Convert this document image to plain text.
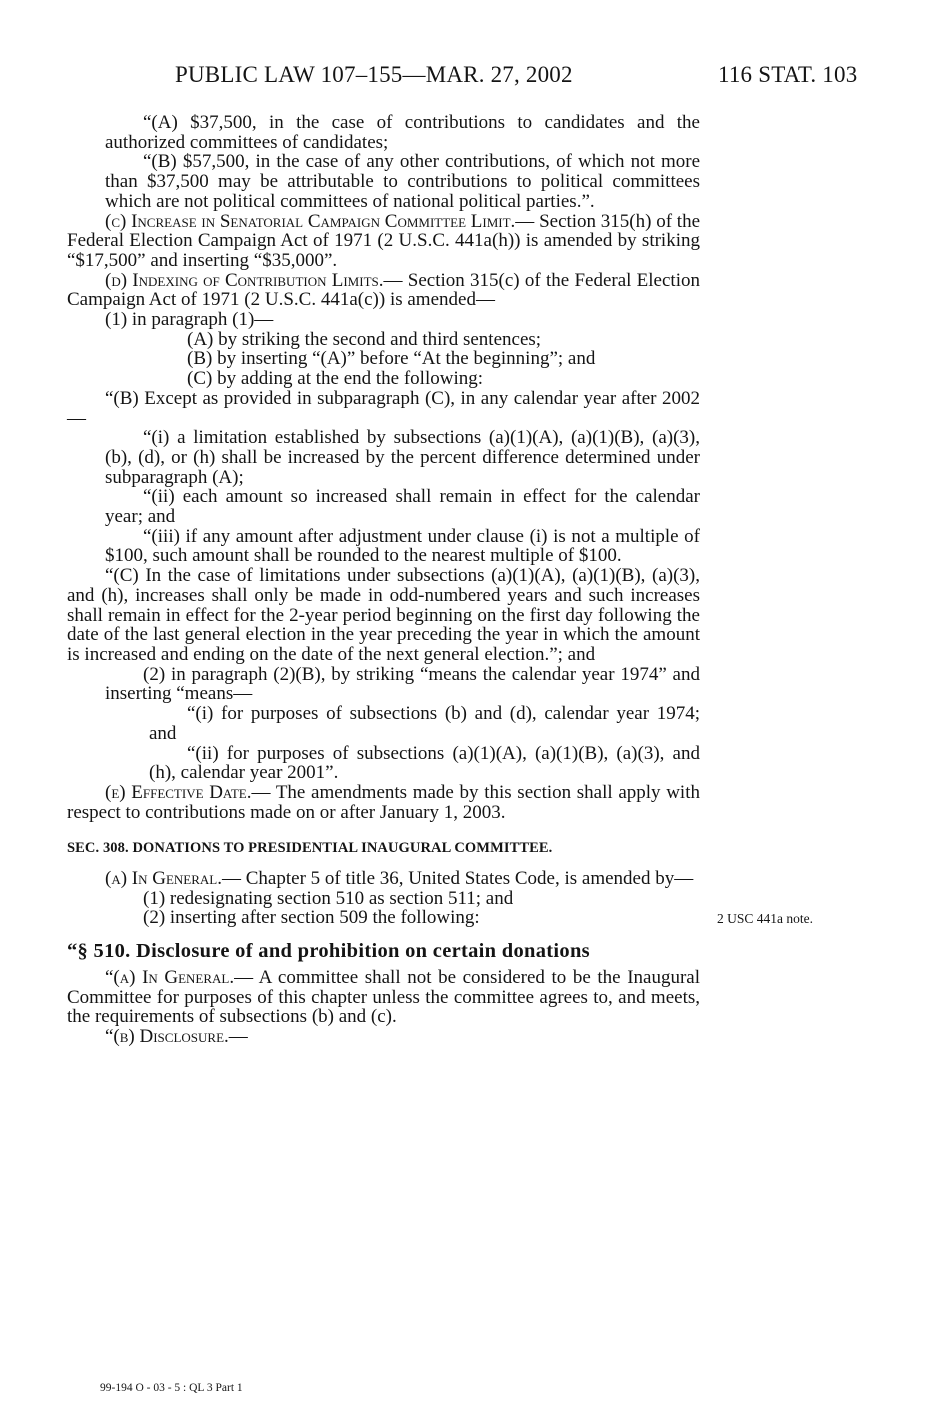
PUBLIC LAW 107–155—MAR. 27, 2002	116 STAT. 103

“(A) $37,500, in the case of contributions to candidates and the authorized committees of candidates;

“(B) $57,500, in the case of any other contributions, of which not more than $37,500 may be attributable to contributions to political committees which are not political committees of national political parties.”.

(c) Increase in Senatorial Campaign Committee Limit.— Section 315(h) of the Federal Election Campaign Act of 1971 (2 U.S.C. 441a(h)) is amended by striking “$17,500” and inserting “$35,000”.

(d) Indexing of Contribution Limits.— Section 315(c) of the Federal Election Campaign Act of 1971 (2 U.S.C. 441a(c)) is amended—

(1) in paragraph (1)—

(A) by striking the second and third sentences;

(B) by inserting “(A)” before “At the beginning”; and

(C) by adding at the end the following:

“(B) Except as provided in subparagraph (C), in any calendar year after 2002—

“(i) a limitation established by subsections (a)(1)(A), (a)(1)(B), (a)(3), (b), (d), or (h) shall be increased by the percent difference determined under subparagraph (A);

“(ii) each amount so increased shall remain in effect for the calendar year; and

“(iii) if any amount after adjustment under clause (i) is not a multiple of $100, such amount shall be rounded to the nearest multiple of $100.

“(C) In the case of limitations under subsections (a)(1)(A), (a)(1)(B), (a)(3), and (h), increases shall only be made in odd-numbered years and such increases shall remain in effect for the 2-year period beginning on the first day following the date of the last general election in the year preceding the year in which the amount is increased and ending on the date of the next general election.”; and

(2) in paragraph (2)(B), by striking “means the calendar year 1974” and inserting “means—

“(i) for purposes of subsections (b) and (d), calendar year 1974; and

“(ii) for purposes of subsections (a)(1)(A), (a)(1)(B), (a)(3), and (h), calendar year 2001”.

(e) Effective Date.— The amendments made by this section shall apply with respect to contributions made on or after January 1, 2003.

SEC. 308. DONATIONS TO PRESIDENTIAL INAUGURAL COMMITTEE.

(a) In General.— Chapter 5 of title 36, United States Code, is amended by—

(1) redesignating section 510 as section 511; and

(2) inserting after section 509 the following:

“§ 510. Disclosure of and prohibition on certain donations

“(a) In General.— A committee shall not be considered to be the Inaugural Committee for purposes of this chapter unless the committee agrees to, and meets, the requirements of subsections (b) and (c).

“(b) Disclosure.—

2 USC 441a note.
99-194 O - 03 - 5 : QL 3 Part 1
